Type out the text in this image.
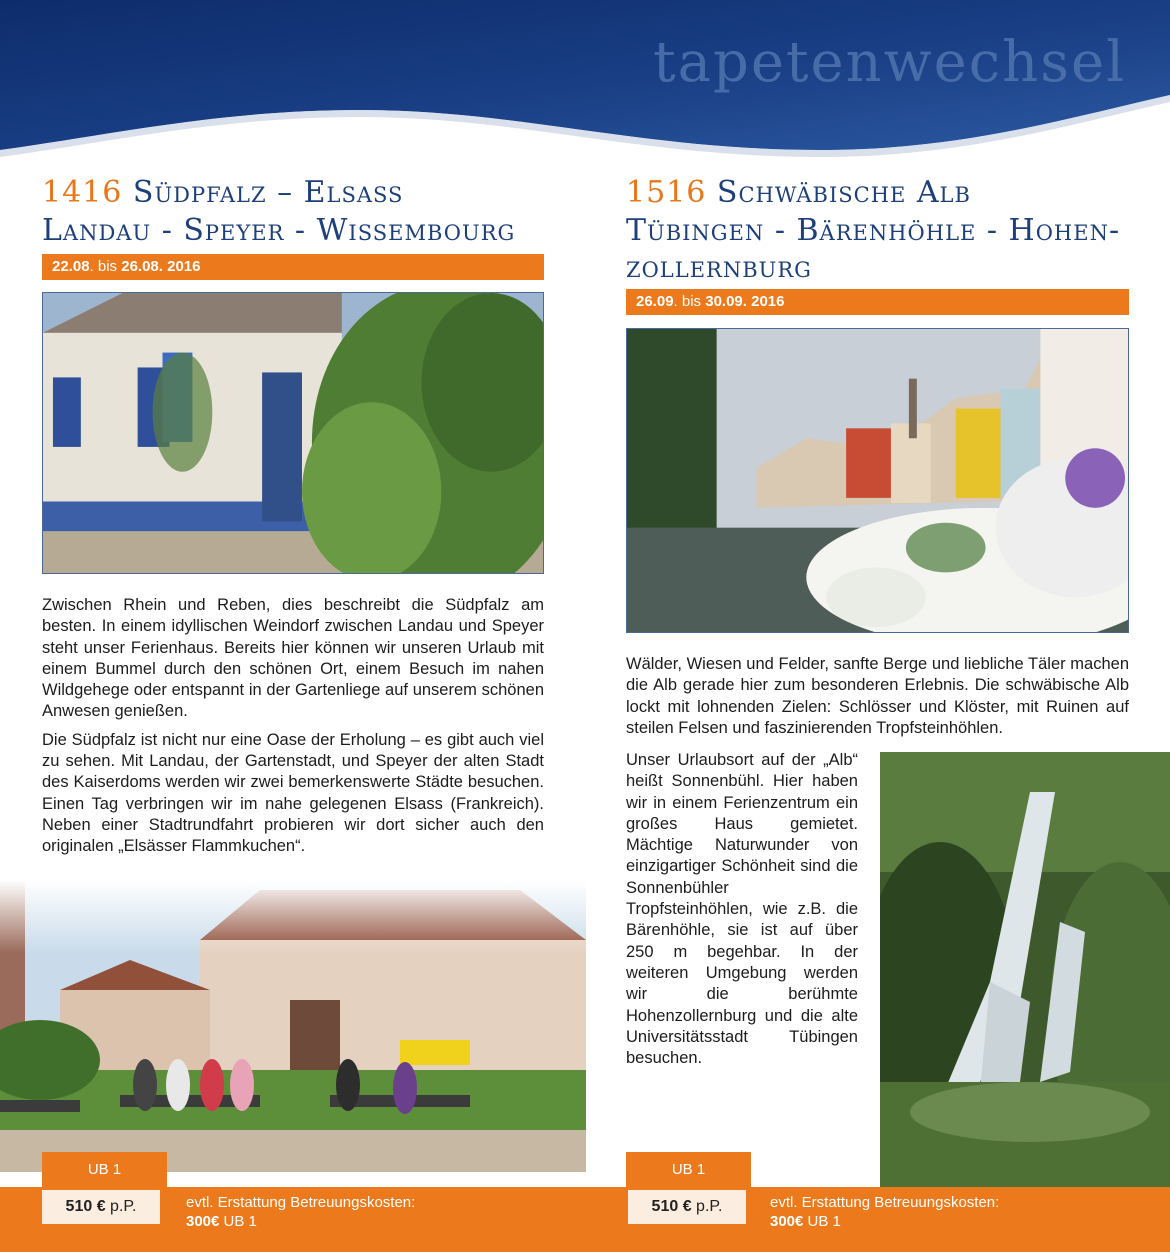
tapetenwechsel
1416 Südpfalz – Elsass
Landau - Speyer - Wissembourg
22.08. bis 26.08. 2016

Zwischen Rhein und Reben, dies beschreibt die Südpfalz am besten. In einem idyllischen Weindorf zwischen Landau und Speyer steht unser Ferienhaus. Bereits hier können wir unseren Urlaub mit einem Bummel durch den schönen Ort, einem Besuch im nahen Wildgehege oder entspannt in der Gartenliege auf unserem schönen Anwesen genießen.

Die Südpfalz ist nicht nur eine Oase der Erholung – es gibt auch viel zu sehen. Mit Landau, der Gartenstadt, und Speyer der alten Stadt des Kaiserdoms werden wir zwei bemerkenswerte Städte besuchen. Einen Tag verbringen wir im nahe gelegenen Elsass (Frankreich). Neben einer Stadtrundfahrt probieren wir dort sicher auch den originalen „Elsässer Flammkuchen“.

1516 Schwäbische Alb
Tübingen - Bärenhöhle - Hohen-
zollernburg
26.09. bis 30.09. 2016
Wälder, Wiesen und Felder, sanfte Berge und liebliche Täler machen die Alb gerade hier zum besonderen Erlebnis. Die schwäbische Alb lockt mit lohnenden Zielen: Schlösser und Klöster, mit Ruinen auf steilen Felsen und faszinierenden Tropfsteinhöhlen.
Unser Urlaubsort auf der „Alb“ heißt Sonnenbühl. Hier haben wir in einem Ferienzentrum ein großes Haus gemietet. Mächtige Naturwunder von einzigartiger Schönheit sind die Sonnenbühler Tropfsteinhöhlen, wie z.B. die Bärenhöhle, sie ist auf über 250 m begehbar. In der weiteren Umgebung werden wir die berühmte Hohenzollernburg und die alte Universitätsstadt Tübingen besuchen.
UB 1
510 € p.P.	evtl. Erstattung Betreuungskosten:
300€ UB 1
UB 1
510 € p.P.	evtl. Erstattung Betreuungskosten:
300€ UB 1
